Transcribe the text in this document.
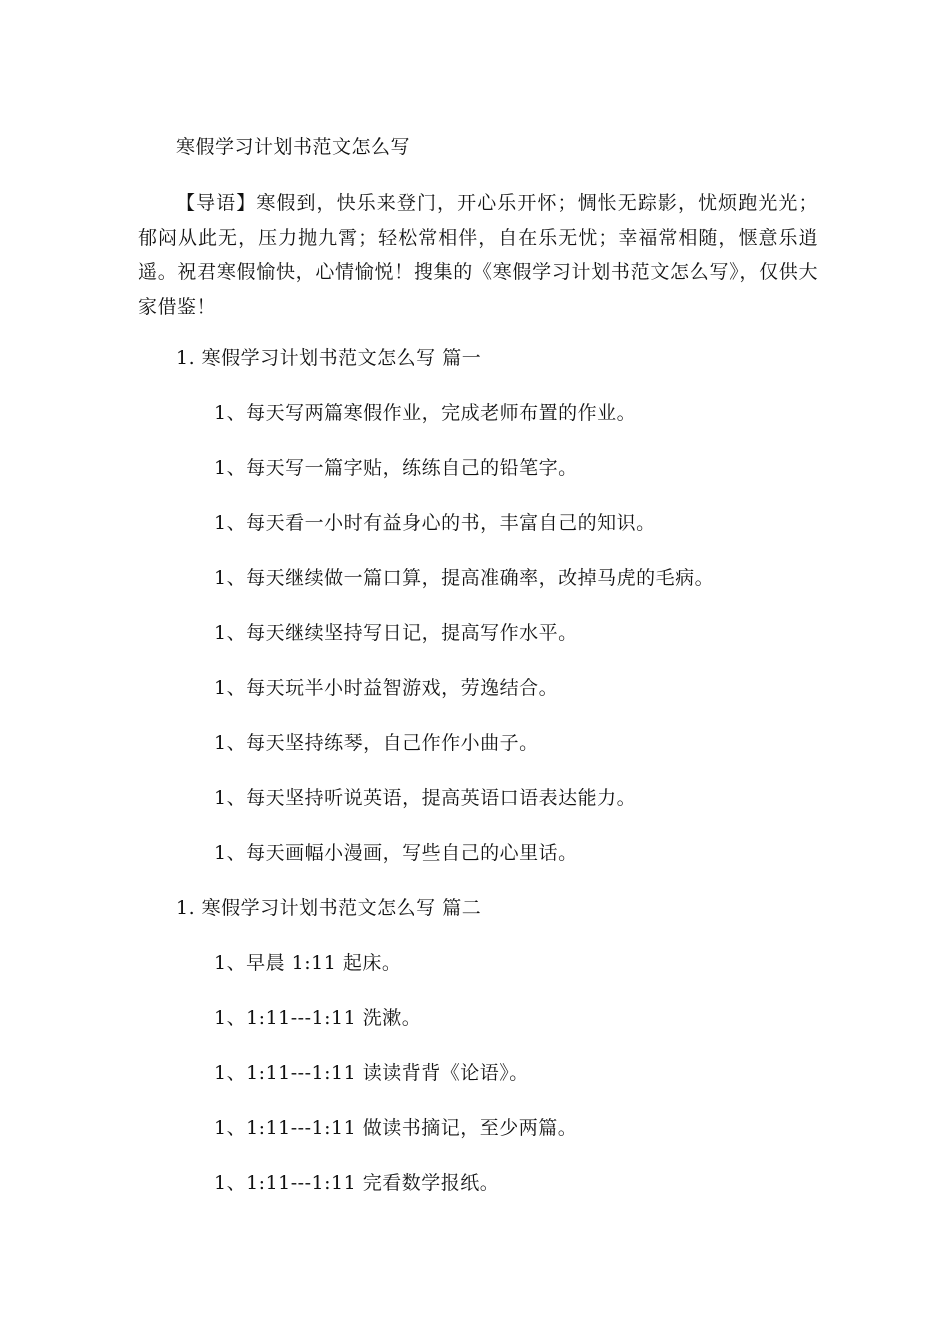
寒假学习计划书范文怎么写

【导语】寒假到，快乐来登门，开心乐开怀；惆怅无踪影，忧烦跑光光；郁闷从此无，压力抛九霄；轻松常相伴，自在乐无忧；幸福常相随，惬意乐逍遥。祝君寒假愉快，心情愉悦！搜集的《寒假学习计划书范文怎么写》，仅供大家借鉴！

1. 寒假学习计划书范文怎么写 篇一
1、每天写两篇寒假作业，完成老师布置的作业。
1、每天写一篇字贴，练练自己的铅笔字。
1、每天看一小时有益身心的书，丰富自己的知识。
1、每天继续做一篇口算，提高准确率，改掉马虎的毛病。
1、每天继续坚持写日记，提高写作水平。
1、每天玩半小时益智游戏，劳逸结合。
1、每天坚持练琴，自己作作小曲子。
1、每天坚持听说英语，提高英语口语表达能力。
1、每天画幅小漫画，写些自己的心里话。
1. 寒假学习计划书范文怎么写 篇二
1、早晨 1:11 起床。
1、1:11---1:11 洗漱。
1、1:11---1:11 读读背背《论语》。
1、1:11---1:11 做读书摘记，至少两篇。
1、1:11---1:11 完看数学报纸。
